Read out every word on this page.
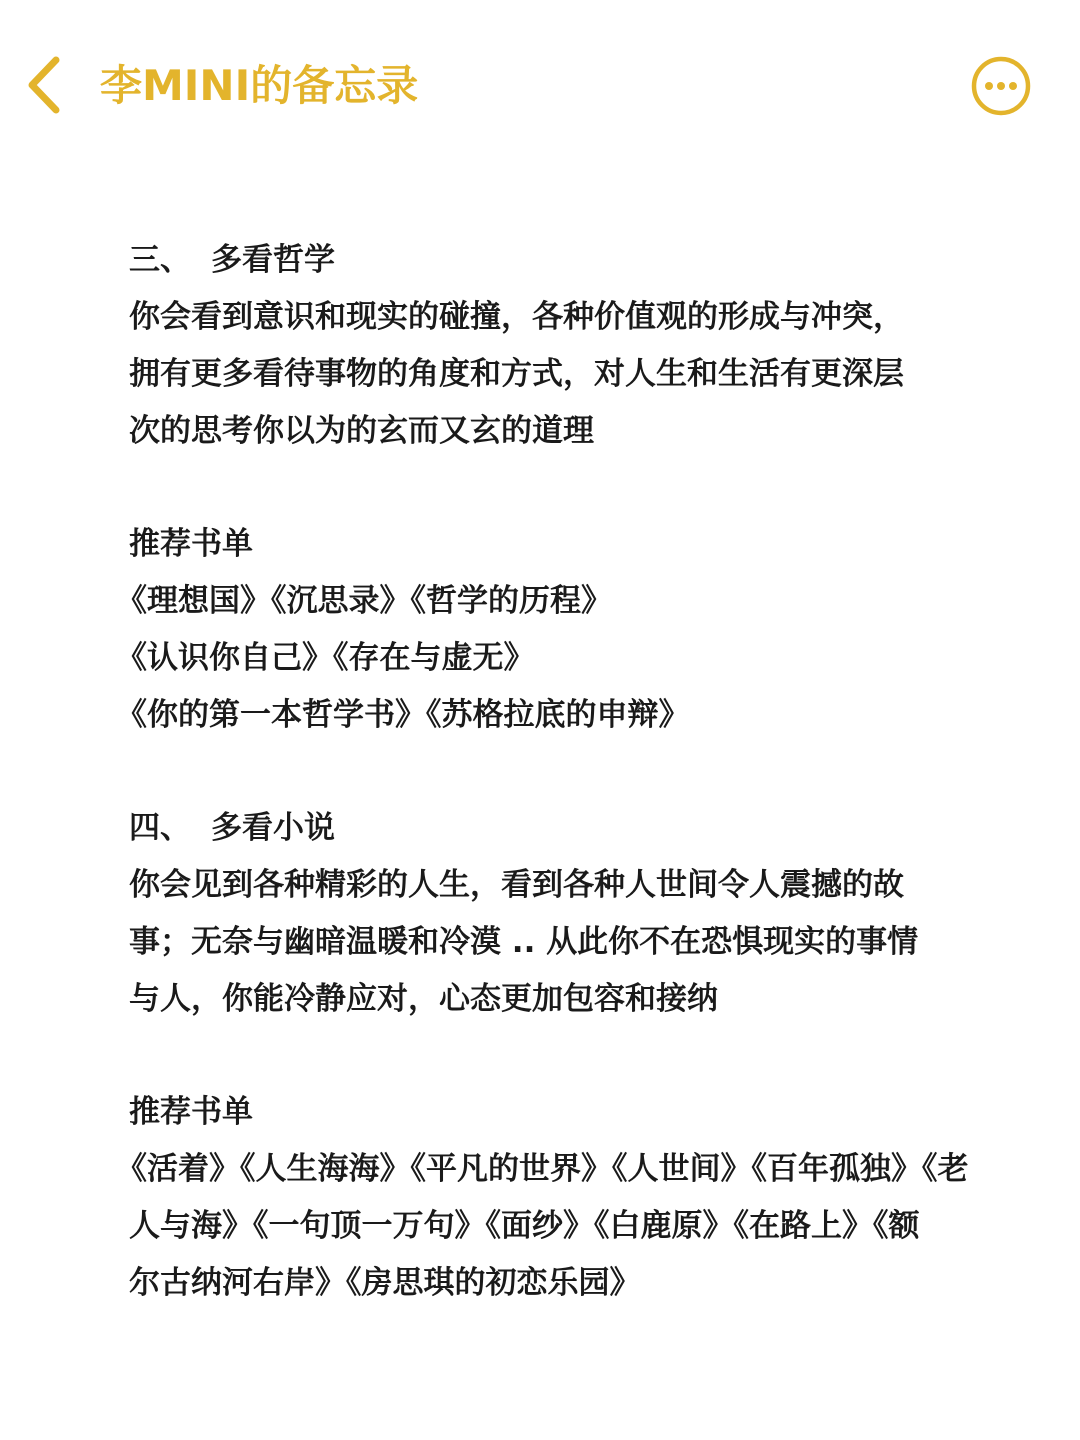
李MINI的备忘录
三、 多看哲学
你会看到意识和现实的碰撞，各种价值观的形成与冲突，
拥有更多看待事物的角度和方式，对人生和生活有更深层
次的思考你以为的玄而又玄的道理
推荐书单
《理想国》《沉思录》《哲学的历程》
《认识你自己》《存在与虚无》
《你的第一本哲学书》《苏格拉底的申辩》
四、 多看小说
你会见到各种精彩的人生，看到各种人世间令人震撼的故
事；无奈与幽暗温暖和冷漠 .. 从此你不在恐惧现实的事情
与人，你能冷静应对，心态更加包容和接纳
推荐书单
《活着》《人生海海》《平凡的世界》《人世间》《百年孤独》《老
人与海》《一句顶一万句》《面纱》《白鹿原》《在路上》《额
尔古纳河右岸》《房思琪的初恋乐园》
